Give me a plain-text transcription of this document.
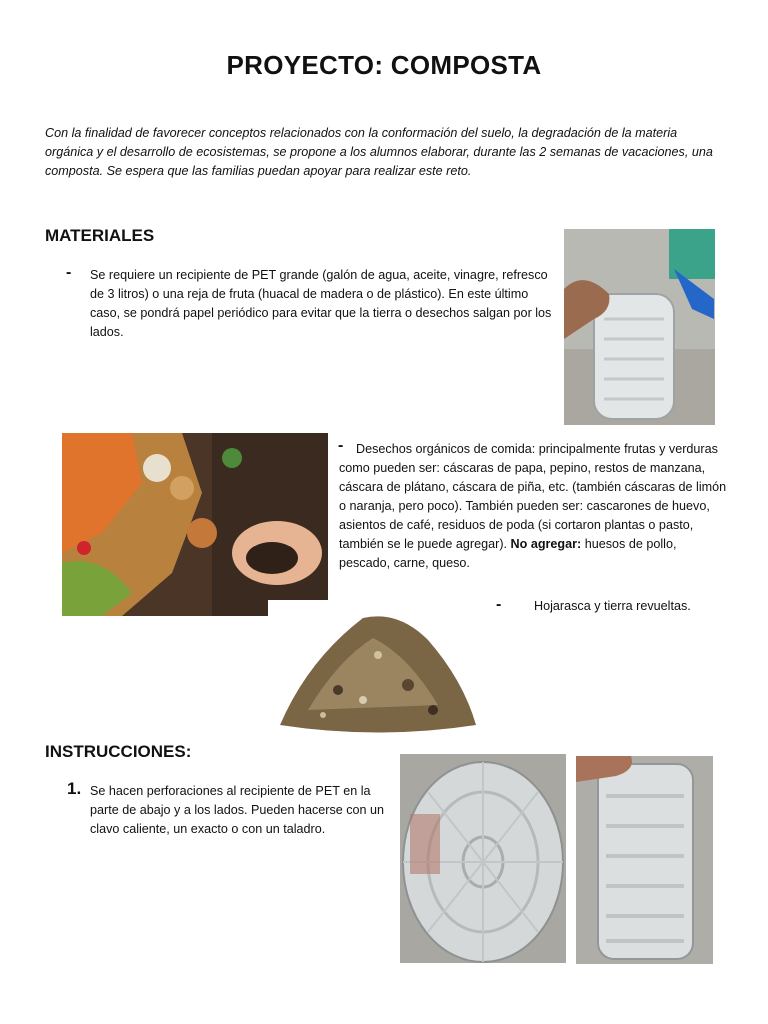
PROYECTO: COMPOSTA
Con la finalidad de favorecer conceptos relacionados con la conformación del suelo, la degradación de la materia orgánica y el desarrollo de ecosistemas, se propone a los alumnos elaborar, durante las 2 semanas de vacaciones, una composta. Se espera que las familias puedan apoyar para realizar este reto.
MATERIALES
- Se requiere un recipiente de PET grande (galón de agua, aceite, vinagre, refresco de 3 litros) o una reja de fruta (huacal de madera o de plástico). En este último caso, se pondrá papel periódico para evitar que la tierra o desechos salgan por los lados.
-	Desechos orgánicos de comida: principalmente frutas y verduras como pueden ser: cáscaras de papa, pepino, restos de manzana, cáscara de plátano, cáscara de piña, etc. (también cáscaras de limón o naranja, pero poco). También pueden ser: cascarones de huevo, asientos de café, residuos de poda (si cortaron plantas o pasto, también se le puede agregar). No agregar: huesos de pollo, pescado, carne, queso.
-	Hojarasca y tierra revueltas.
INSTRUCCIONES:
1. Se hacen perforaciones al recipiente de PET en la parte de abajo y a los lados. Pueden hacerse con un clavo caliente, un exacto o con un taladro.
